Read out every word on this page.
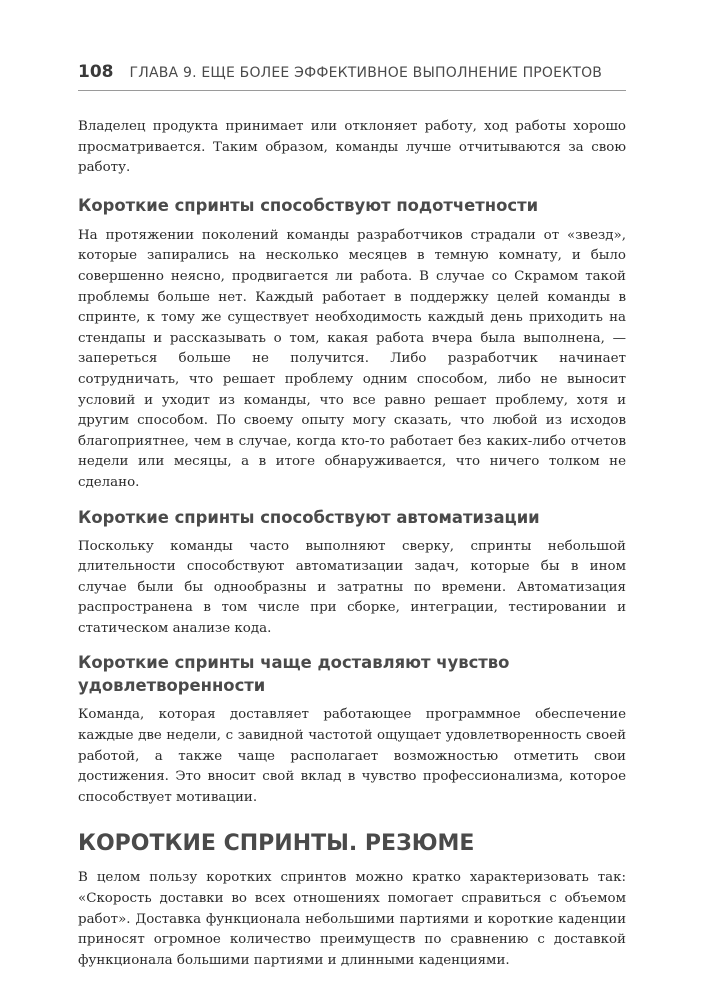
108 ГЛАВА 9. ЕЩЕ БОЛЕЕ ЭФФЕКТИВНОЕ ВЫПОЛНЕНИЕ ПРОЕКТОВ

Владелец продукта принимает или отклоняет работу, ход работы хорошо просматривается. Таким образом, команды лучше отчитываются за свою работу.

Короткие спринты способствуют подотчетности

На протяжении поколений команды разработчиков страдали от «звезд», которые запирались на несколько месяцев в темную комнату, и было совершенно неясно, продвигается ли работа. В случае со Скрамом такой проблемы больше нет. Каждый работает в поддержку целей команды в спринте, к тому же существует необходимость каждый день приходить на стендапы и рассказывать о том, какая работа вчера была выполнена, — запереться больше не получится. Либо разработчик начинает сотрудничать, что решает проблему одним способом, либо не выносит условий и уходит из команды, что все равно решает проблему, хотя и другим способом. По своему опыту могу сказать, что любой из исходов благоприятнее, чем в случае, когда кто-то работает без каких-либо отчетов недели или месяцы, а в итоге обнаруживается, что ничего толком не сделано.

Короткие спринты способствуют автоматизации

Поскольку команды часто выполняют сверку, спринты небольшой длительности способствуют автоматизации задач, которые бы в ином случае были бы однообразны и затратны по времени. Автоматизация распространена в том числе при сборке, интеграции, тестировании и статическом анализе кода.

Короткие спринты чаще доставляют чувство удовлетворенности

Команда, которая доставляет работающее программное обеспечение каждые две недели, с завидной частотой ощущает удовлетворенность своей работой, а также чаще располагает возможностью отметить свои достижения. Это вносит свой вклад в чувство профессионализма, которое способствует мотивации.

КОРОТКИЕ СПРИНТЫ. РЕЗЮМЕ

В целом пользу коротких спринтов можно кратко характеризовать так: «Скорость доставки во всех отношениях помогает справиться с объемом работ». Доставка функционала небольшими партиями и короткие каденции приносят огромное количество преимуществ по сравнению с доставкой функционала большими партиями и длинными каденциями.
